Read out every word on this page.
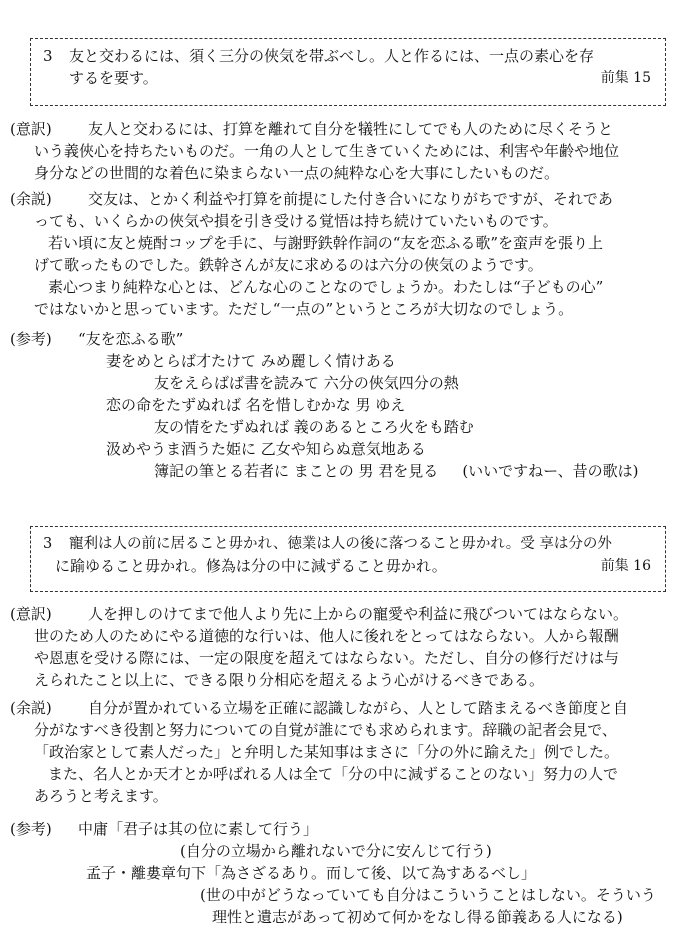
3 友と交わるには、須く三分の俠気を帯ぶべし。人と作るには、一点の素心を存
するを要す。	前集 15
(意訳) 友人と交わるには、打算を離れて自分を犠牲にしてでも人のために尽くそうと
いう義俠心を持ちたいものだ。一角の人として生きていくためには、利害や年齢や地位
身分などの世間的な着色に染まらない一点の純粋な心を大事にしたいものだ。
(余説) 交友は、とかく利益や打算を前提にした付き合いになりがちですが、それであ
っても、いくらかの俠気や損を引き受ける覚悟は持ち続けていたいものです。
若い頃に友と焼酎コップを手に、与謝野鉄幹作詞の“友を恋ふる歌”を蛮声を張り上
げて歌ったものでした。鉄幹さんが友に求めるのは六分の俠気のようです。
素心つまり純粋な心とは、どんな心のことなのでしょうか。わたしは“子どもの心”
ではないかと思っています。ただし“一点の”というところが大切なのでしょう。
(参考) “友を恋ふる歌”
妻をめとらば才たけて みめ麗しく情けある
友をえらばば書を読みて 六分の俠気四分の熱
恋の命をたずぬれば 名を惜しむかな 男 ゆえ
友の情をたずぬれば 義のあるところ火をも踏む
汲めやうま酒うた姫に 乙女や知らぬ意気地ある
簿記の筆とる若者に まことの 男 君を見る (いいですねー、昔の歌は)
3 寵利は人の前に居ること毋かれ、徳業は人の後に落つること毋かれ。受 享は分の外
に踰ゆること毋かれ。修為は分の中に減ずること毋かれ。	前集 16
(意訳) 人を押しのけてまで他人より先に上からの寵愛や利益に飛びついてはならない。
世のため人のためにやる道徳的な行いは、他人に後れをとってはならない。人から報酬
や恩恵を受ける際には、一定の限度を超えてはならない。ただし、自分の修行だけは与
えられたこと以上に、できる限り分相応を超えるよう心がけるべきである。
(余説) 自分が置かれている立場を正確に認識しながら、人として踏まえるべき節度と自
分がなすべき役割と努力についての自覚が誰にでも求められます。辞職の記者会見で、
「政治家として素人だった」と弁明した某知事はまさに「分の外に踰えた」例でした。
また、名人とか天才とか呼ばれる人は全て「分の中に減ずることのない」努力の人で
あろうと考えます。
(参考) 中庸「君子は其の位に素して行う」
(自分の立場から離れないで分に安んじて行う)
孟子・離婁章句下「為さざるあり。而して後、以て為すあるべし」
(世の中がどうなっていても自分はこういうことはしない。そういう
理性と遺志があって初めて何かをなし得る節義ある人になる)
